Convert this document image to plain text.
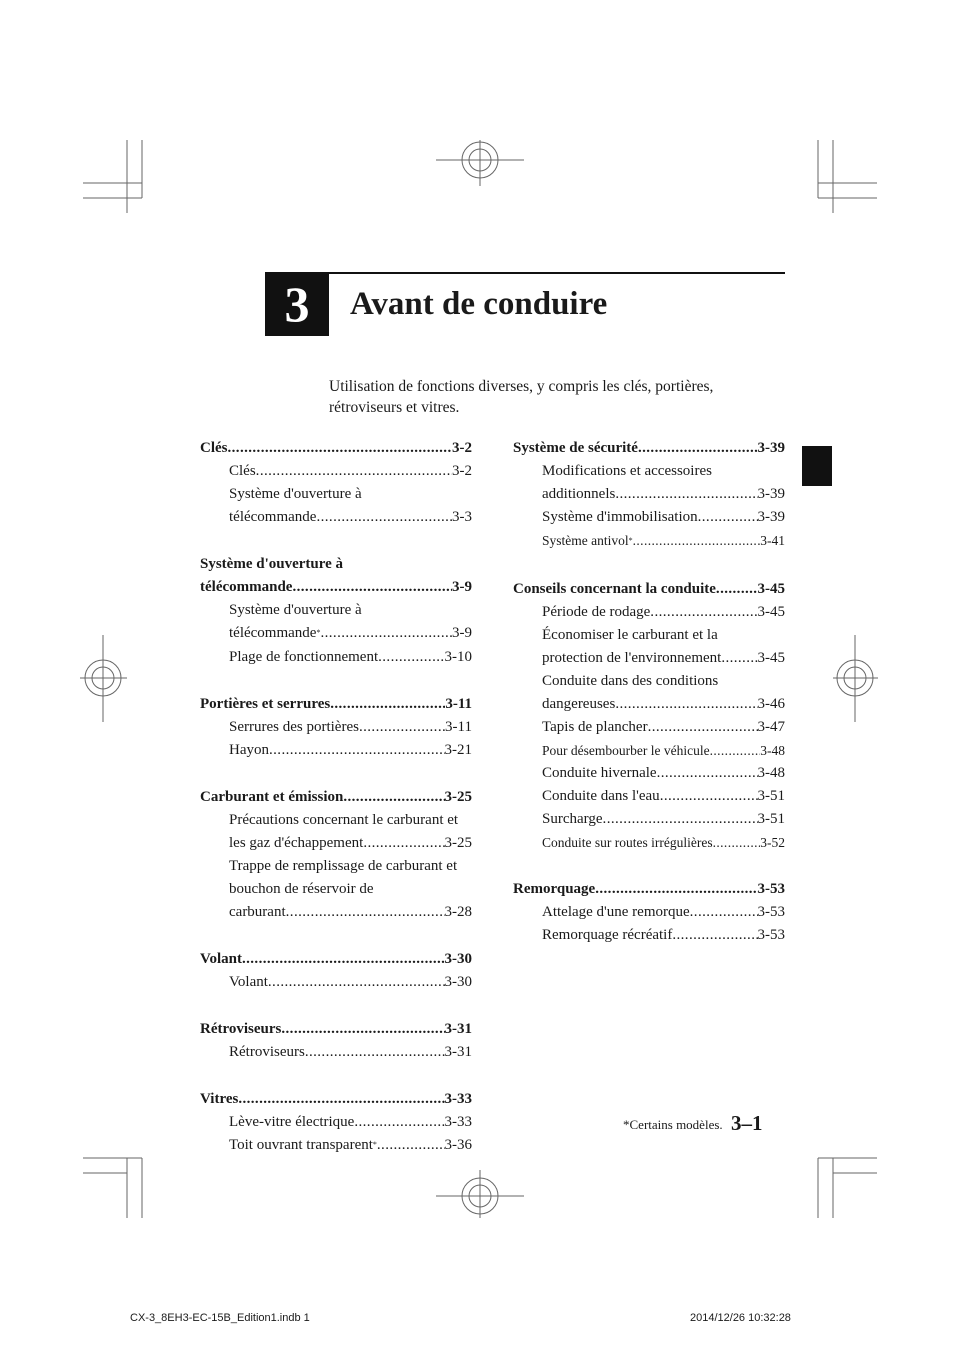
3	Avant de conduire
Utilisation de fonctions diverses, y compris les clés, portières,
rétroviseurs et vitres.
Clés .....	3-2
Clés .....	3-2
Système d'ouverture à
télécommande .....	3-3
Système d'ouverture à
télécommande .....	3-9
Système d'ouverture à
télécommande* .....	3-9
Plage de fonctionnement .....	3-10
Portières et serrures .....	3-11
Serrures des portières .....	3-11
Hayon .....	3-21
Carburant et émission .....	3-25
Précautions concernant le carburant et
les gaz d'échappement .....	3-25
Trappe de remplissage de carburant et
bouchon de réservoir de
carburant .....	3-28
Volant .....	3-30
Volant .....	3-30
Rétroviseurs .....	3-31
Rétroviseurs .....	3-31
Vitres .....	3-33
Lève-vitre électrique .....	3-33
Toit ouvrant transparent* .....	3-36
Système de sécurité .....	3-39
Modifications et accessoires
additionnels .....	3-39
Système d'immobilisation .....	3-39
Système antivol* .....	3-41
Conseils concernant la conduite .....	3-45
Période de rodage .....	3-45
Économiser le carburant et la
protection de l'environnement ..... 3-45
Conduite dans des conditions
dangereuses .....	3-46
Tapis de plancher .....	3-47
Pour désembourber le véhicule .....	3-48
Conduite hivernale .....	3-48
Conduite dans l'eau .....	3-51
Surcharge .....	3-51
Conduite sur routes irrégulières .....	3-52
Remorquage .....	3-53
Attelage d'une remorque .....	3-53
Remorquage récréatif .....	3-53
*Certains modèles. 3–1
CX-3_8EH3-EC-15B_Edition1.indb 1	2014/12/26 10:32:28
